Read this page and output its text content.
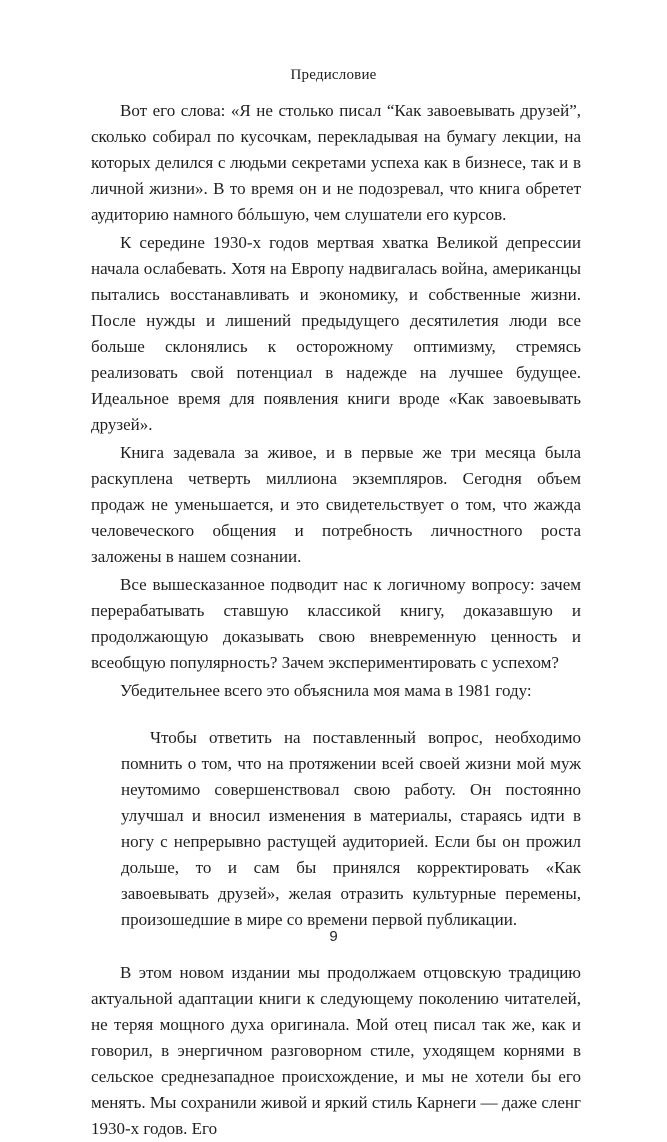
Предисловие

Вот его слова: «Я не столько писал “Как завоевывать друзей”, сколько собирал по кусочкам, перекладывая на бумагу лекции, на которых делился с людьми секретами успеха как в бизнесе, так и в личной жизни». В то время он и не подозревал, что книга обретет аудиторию намного бóльшую, чем слушатели его курсов.

К середине 1930-х годов мертвая хватка Великой депрессии начала ослабевать. Хотя на Европу надвигалась война, американцы пытались восстанавливать и экономику, и собственные жизни. После нужды и лишений предыдущего десятилетия люди все больше склонялись к осторожному оптимизму, стремясь реализовать свой потенциал в надежде на лучшее будущее. Идеальное время для появления книги вроде «Как завоевывать друзей».

Книга задевала за живое, и в первые же три месяца была раскуплена четверть миллиона экземпляров. Сегодня объем продаж не уменьшается, и это свидетельствует о том, что жажда человеческого общения и потребность личностного роста заложены в нашем сознании.

Все вышесказанное подводит нас к логичному вопросу: зачем перерабатывать ставшую классикой книгу, доказавшую и продолжающую доказывать свою вневременную ценность и всеобщую популярность? Зачем экспериментировать с успехом?

Убедительнее всего это объяснила моя мама в 1981 году:

Чтобы ответить на поставленный вопрос, необходимо помнить о том, что на протяжении всей своей жизни мой муж неутомимо совершенствовал свою работу. Он постоянно улучшал и вносил изменения в материалы, стараясь идти в ногу с непрерывно растущей аудиторией. Если бы он прожил дольше, то и сам бы принялся корректировать «Как завоевывать друзей», желая отразить культурные перемены, произошедшие в мире со времени первой публикации.

В этом новом издании мы продолжаем отцовскую традицию актуальной адаптации книги к следующему поколению читателей, не теряя мощного духа оригинала. Мой отец писал так же, как и говорил, в энергичном разговорном стиле, уходящем корнями в сельское среднезападное происхождение, и мы не хотели бы его менять. Мы сохранили живой и яркий стиль Карнеги — даже сленг 1930-х годов. Его

9
